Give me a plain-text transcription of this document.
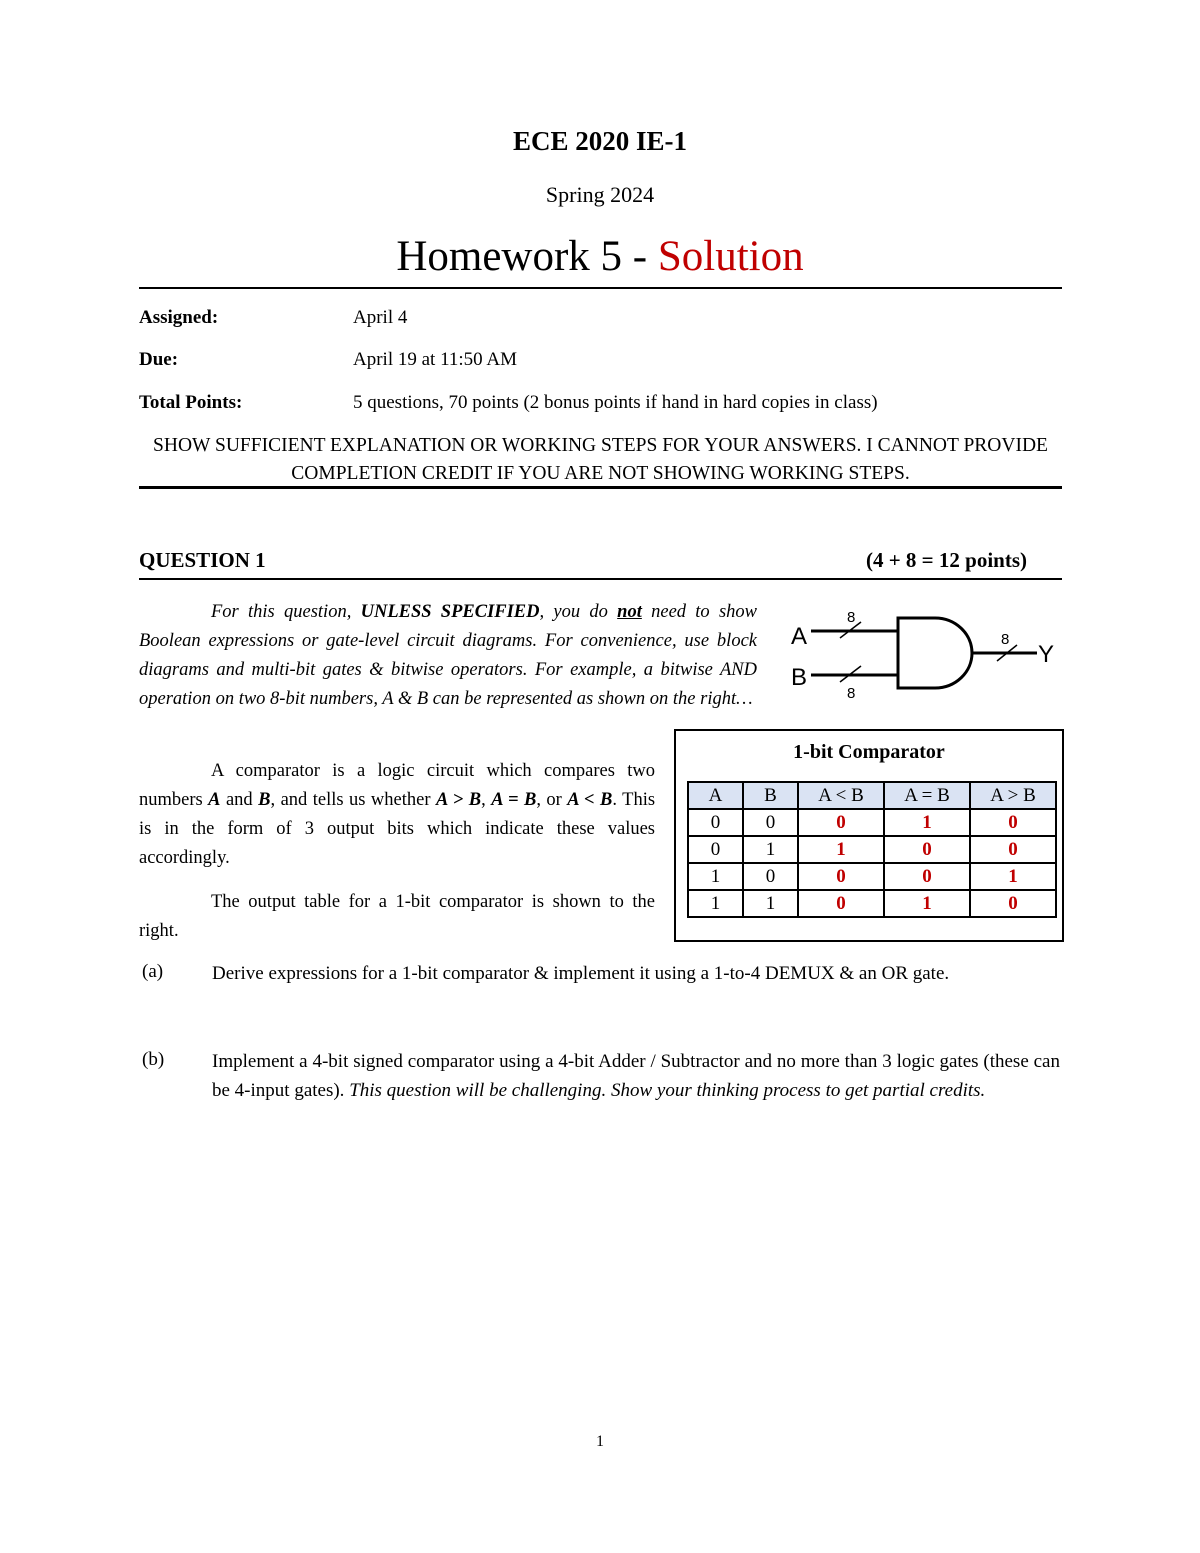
ECE 2020 IE-1
Spring 2024
Homework 5 - Solution
Assigned:	April 4
Due:	April 19 at 11:50 AM
Total Points:	5 questions, 70 points (2 bonus points if hand in hard copies in class)
SHOW SUFFICIENT EXPLANATION OR WORKING STEPS FOR YOUR ANSWERS. I CANNOT PROVIDE COMPLETION CREDIT IF YOU ARE NOT SHOWING WORKING STEPS.
QUESTION 1	(4 + 8 = 12 points)
For this question, UNLESS SPECIFIED, you do not need to show Boolean expressions or gate-level circuit diagrams. For convenience, use block diagrams and multi-bit gates & bitwise operators. For example, a bitwise AND operation on two 8-bit numbers, A & B can be represented as shown on the right…
A
B
8
8
8
Y
A comparator is a logic circuit which compares two numbers A and B, and tells us whether A > B, A = B, or A < B. This is in the form of 3 output bits which indicate these values accordingly.
The output table for a 1-bit comparator is shown to the right.
1-bit Comparator
A	B	A < B	A = B	A > B
0	0	0	1	0
0	1	1	0	0
1	0	0	0	1
1	1	0	1	0
(a)	Derive expressions for a 1-bit comparator & implement it using a 1-to-4 DEMUX & an OR gate.
(b)	Implement a 4-bit signed comparator using a 4-bit Adder / Subtractor and no more than 3 logic gates (these can be 4-input gates). This question will be challenging. Show your thinking process to get partial credits.
1
